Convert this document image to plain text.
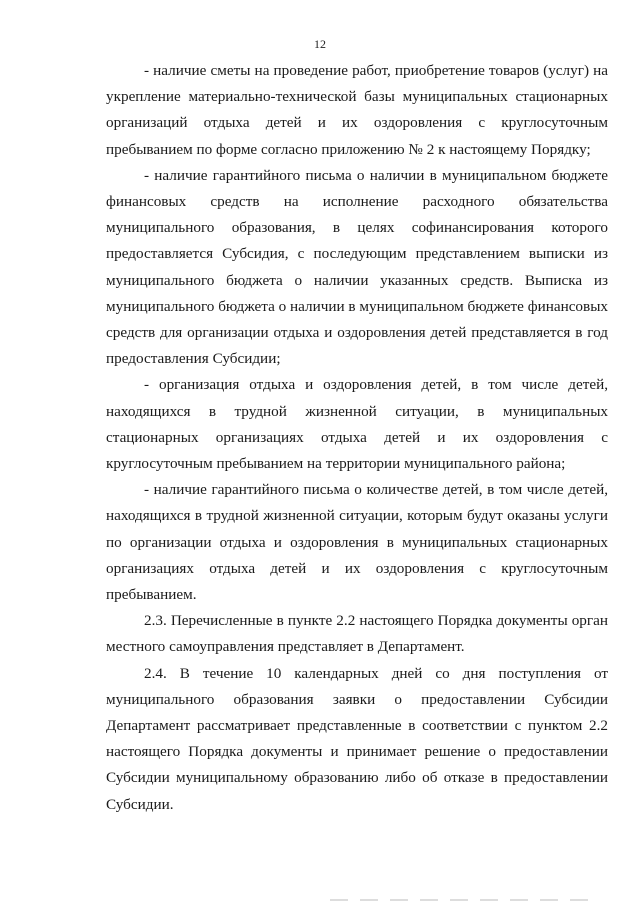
12

- наличие сметы на проведение работ, приобретение товаров (услуг) на укрепление материально-технической базы муниципальных стационарных организаций отдыха детей и их оздоровления с круглосуточным пребыванием по форме согласно приложению № 2 к настоящему Порядку;

- наличие гарантийного письма о наличии в муниципальном бюджете финансовых средств на исполнение расходного обязательства муниципального образования, в целях софинансирования которого предоставляется Субсидия, с последующим представлением выписки из муниципального бюджета о наличии указанных средств. Выписка из муниципального бюджета о наличии в муниципальном бюджете финансовых средств для организации отдыха и оздоровления детей представляется в год предоставления Субсидии;

- организация отдыха и оздоровления детей, в том числе детей, находящихся в трудной жизненной ситуации, в муниципальных стационарных организациях отдыха детей и их оздоровления с круглосуточным пребыванием на территории муниципального района;

- наличие гарантийного письма о количестве детей, в том числе детей, находящихся в трудной жизненной ситуации, которым будут оказаны услуги по организации отдыха и оздоровления в муниципальных стационарных организациях отдыха детей и их оздоровления с круглосуточным пребыванием.

2.3. Перечисленные в пункте 2.2 настоящего Порядка документы орган местного самоуправления представляет в Департамент.

2.4. В течение 10 календарных дней со дня поступления от муниципального образования заявки о предоставлении Субсидии Департамент рассматривает представленные в соответствии с пунктом 2.2 настоящего Порядка документы и принимает решение о предоставлении Субсидии муниципальному образованию либо об отказе в предоставлении Субсидии.
